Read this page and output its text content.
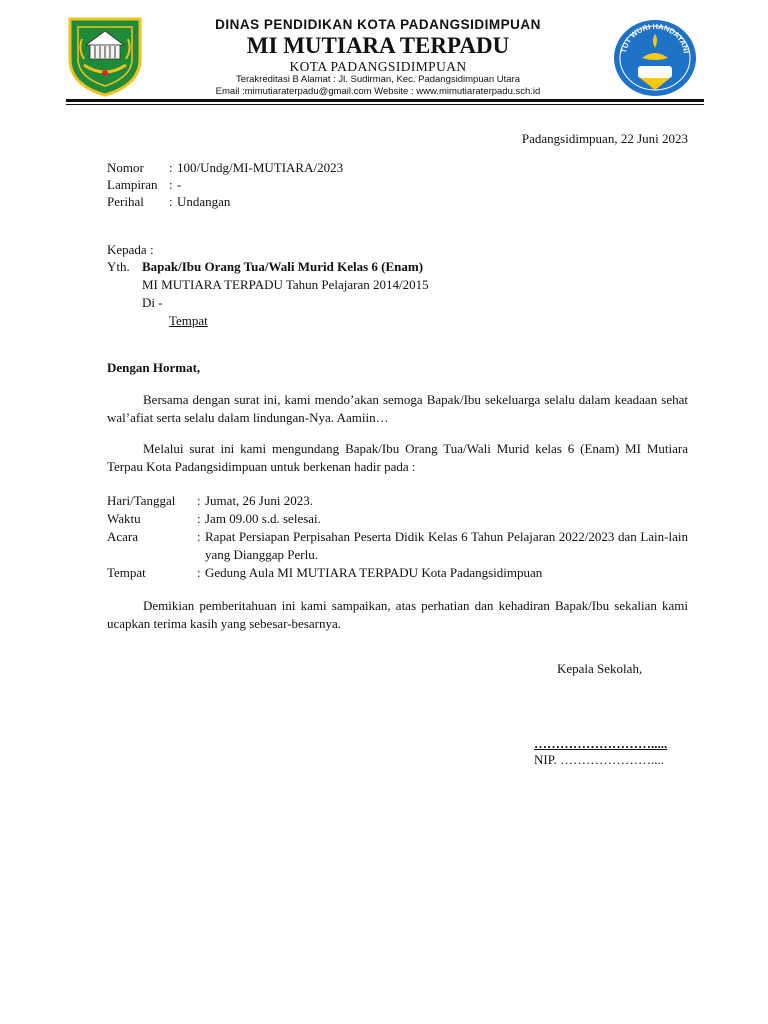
TUT WURI HANDAYANI
DINAS PENDIDIKAN KOTA PADANGSIDIMPUAN
MI MUTIARA TERPADU
KOTA PADANGSIDIMPUAN
Terakreditasi B Alamat : Jl. Sudirman, Kec. Padangsidimpuan Utara
Email :mimutiaraterpadu@gmail.com Website : www.mimutiaraterpadu.sch.id
Padangsidimpuan, 22 Juni 2023
Nomor	: 100/Undg/MI-MUTIARA/2023
Lampiran : -
Perihal	: Undangan
Kepada :
Yth. Bapak/Ibu Orang Tua/Wali Murid Kelas 6 (Enam)
MI MUTIARA TERPADU Tahun Pelajaran 2014/2015
Di -
Tempat
Dengan Hormat,
Bersama dengan surat ini, kami mendo’akan semoga Bapak/Ibu sekeluarga selalu dalam keadaan sehat wal’afiat serta selalu dalam lindungan-Nya. Aamiin…
Melalui surat ini kami mengundang Bapak/Ibu Orang Tua/Wali Murid kelas 6 (Enam) MI Mutiara Terpau Kota Padangsidimpuan untuk berkenan hadir pada :
Hari/Tanggal	: Jumat, 26 Juni 2023.
Waktu	: Jam 09.00 s.d. selesai.
Acara	: Rapat Persiapan Perpisahan Peserta Didik Kelas 6 Tahun Pelajaran 2022/2023 dan Lain-lain yang Dianggap Perlu.
Tempat	: Gedung Aula MI MUTIARA TERPADU Kota Padangsidimpuan
Demikian pemberitahuan ini kami sampaikan, atas perhatian dan kehadiran Bapak/Ibu sekalian kami ucapkan terima kasih yang sebesar-besarnya.
Kepala Sekolah,
……………………….....
NIP. …………………....
